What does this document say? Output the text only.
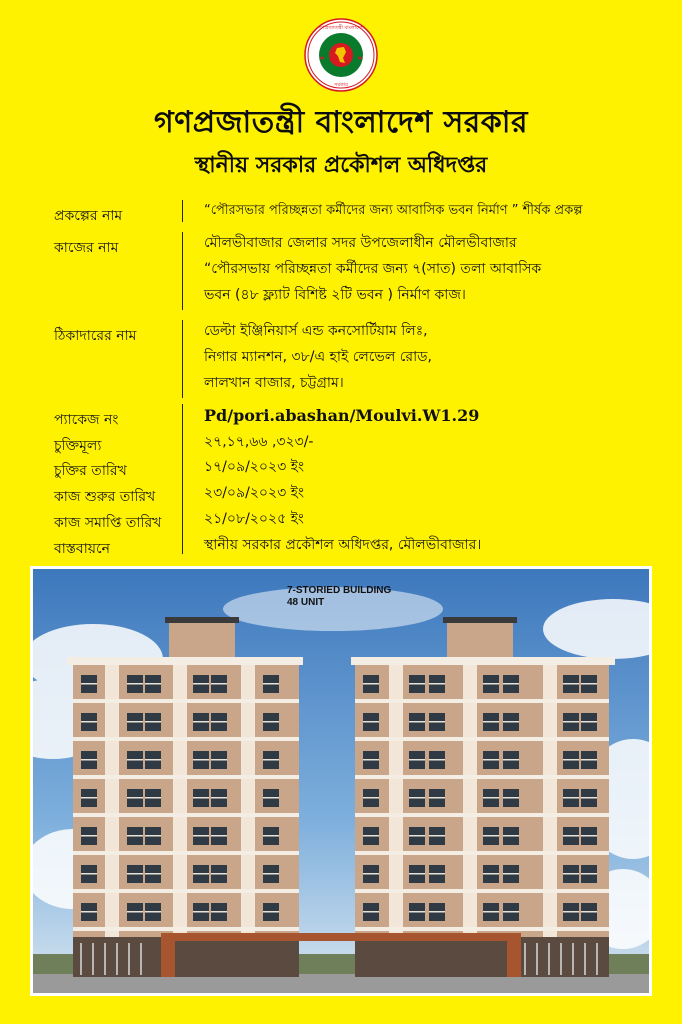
গণপ্রজাতন্ত্রী বাংলাদেশ
সরকার
গণপ্রজাতন্ত্রী বাংলাদেশ সরকার
স্থানীয় সরকার প্রকৌশল অধিদপ্তর
প্রকল্পের নাম	“পৌরসভার পরিচ্ছন্নতা কর্মীদের জন্য আবাসিক ভবন নির্মাণ ” শীর্ষক প্রকল্প
কাজের নাম	মৌলভীবাজার জেলার সদর উপজেলাধীন মৌলভীবাজার
“পৌরসভায় পরিচ্ছন্নতা কর্মীদের জন্য ৭(সাত) তলা আবাসিক
ভবন (৪৮ ফ্ল্যাট বিশিষ্ট ২টি ভবন ) নির্মাণ কাজ।
ঠিকাদারের নাম	ডেল্টা ইঞ্জিনিয়ার্স এন্ড কনসোর্টিয়াম লিঃ,
নিগার ম্যানশন, ৩৮/এ হাই লেভেল রোড,
লালখান বাজার, চট্টগ্রাম।
প্যাকেজ নং	Pd/pori.abashan/Moulvi.W1.29
চুক্তিমূল্য	২৭,১৭,৬৬ ,৩২৩/-
চুক্তির তারিখ	১৭/০৯/২০২৩ ইং
কাজ শুরুর তারিখ	২৩/০৯/২০২৩ ইং
কাজ সমাপ্তি তারিখ	২১/০৮/২০২৫ ইং
বাস্তবায়নে	স্থানীয় সরকার প্রকৌশল অধিদপ্তর, মৌলভীবাজার।
7-STORIED BUILDING
48 UNIT
